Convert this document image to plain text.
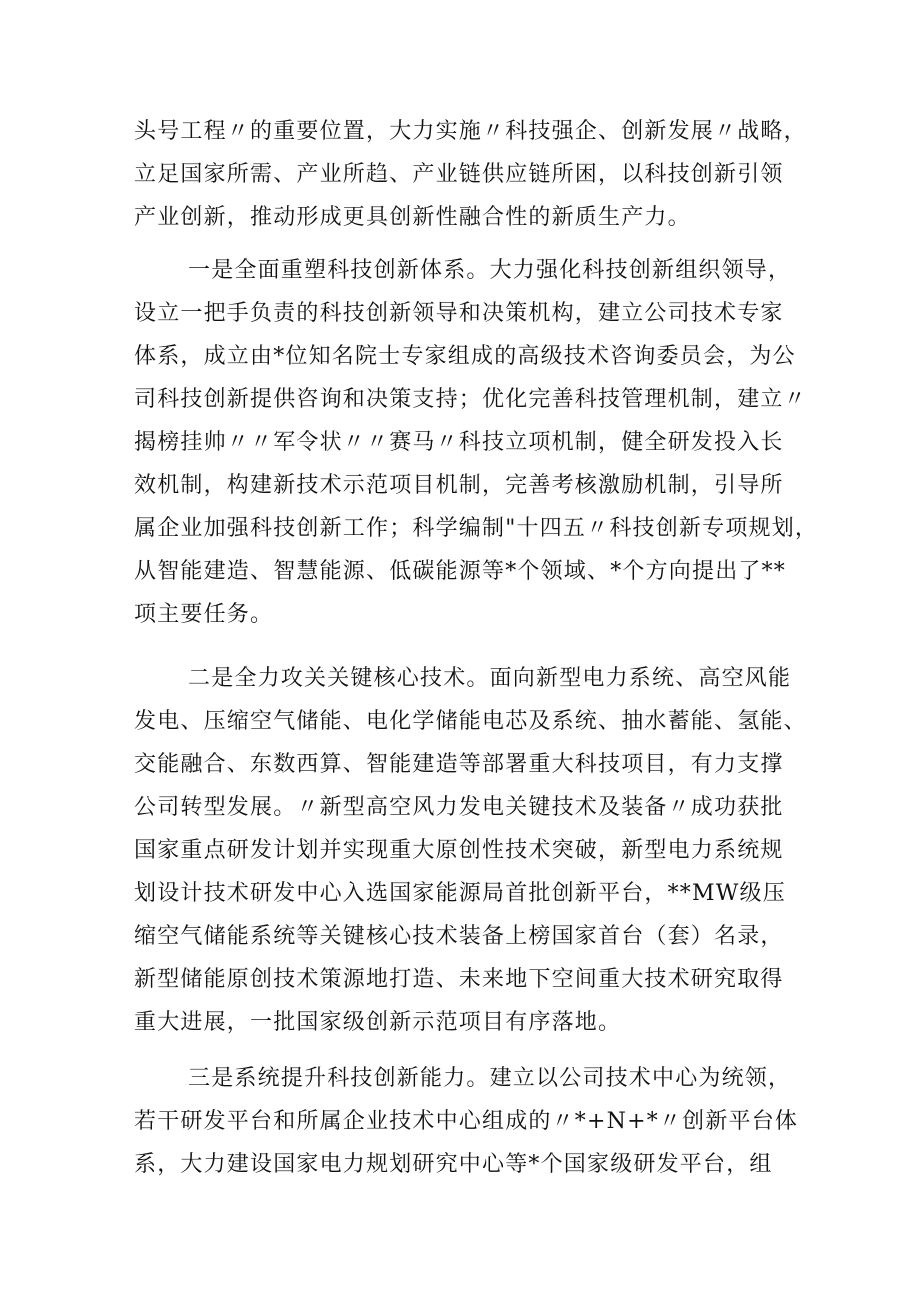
头号工程〃的重要位置，大力实施〃科技强企、创新发展〃战略，
立足国家所需、产业所趋、产业链供应链所困，以科技创新引领
产业创新，推动形成更具创新性融合性的新质生产力。
一是全面重塑科技创新体系。大力强化科技创新组织领导，
设立一把手负责的科技创新领导和决策机构，建立公司技术专家
体系，成立由*位知名院士专家组成的高级技术咨询委员会，为公
司科技创新提供咨询和决策支持；优化完善科技管理机制，建立〃
揭榜挂帅〃〃军令状〃〃赛马〃科技立项机制，健全研发投入长
效机制，构建新技术示范项目机制，完善考核激励机制，引导所
属企业加强科技创新工作；科学编制"十四五〃科技创新专项规划，
从智能建造、智慧能源、低碳能源等*个领域、*个方向提出了**
项主要任务。
二是全力攻关关键核心技术。面向新型电力系统、高空风能
发电、压缩空气储能、电化学储能电芯及系统、抽水蓄能、氢能、
交能融合、东数西算、智能建造等部署重大科技项目，有力支撑
公司转型发展。〃新型高空风力发电关键技术及装备〃成功获批
国家重点研发计划并实现重大原创性技术突破，新型电力系统规
划设计技术研发中心入选国家能源局首批创新平台，**MW级压
缩空气储能系统等关键核心技术装备上榜国家首台（套）名录，
新型储能原创技术策源地打造、未来地下空间重大技术研究取得
重大进展，一批国家级创新示范项目有序落地。
三是系统提升科技创新能力。建立以公司技术中心为统领，
若干研发平台和所属企业技术中心组成的〃*+N+*〃创新平台体
系，大力建设国家电力规划研究中心等*个国家级研发平台，组
